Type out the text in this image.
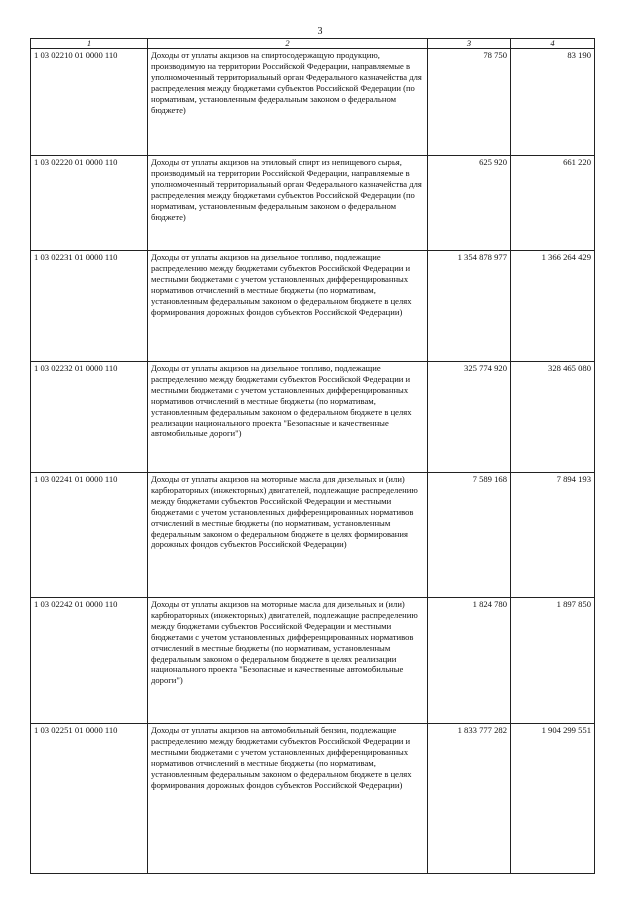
3
1	2	3	4
1 03 02210 01 0000 110	Доходы от уплаты акцизов на спиртосодержащую продукцию, производимую на территории Российской Федерации, направляемые в уполномоченный территориальный орган Федерального казначейства для распределения между бюджетами субъектов Российской Федерации (по нормативам, установленным федеральным законом о федеральном бюджете)	78 750	83 190
1 03 02220 01 0000 110	Доходы от уплаты акцизов на этиловый спирт из непищевого сырья, производимый на территории Российской Федерации, направляемые в уполномоченный территориальный орган Федерального казначейства для распределения между бюджетами субъектов Российской Федерации (по нормативам, установленным федеральным законом о федеральном бюджете)	625 920	661 220
1 03 02231 01 0000 110	Доходы от уплаты акцизов на дизельное топливо, подлежащие распределению между бюджетами субъектов Российской Федерации и местными бюджетами с учетом установленных дифференцированных нормативов отчислений в местные бюджеты (по нормативам, установленным федеральным законом о федеральном бюджете в целях формирования дорожных фондов субъектов Российской Федерации)	1 354 878 977	1 366 264 429
1 03 02232 01 0000 110	Доходы от уплаты акцизов на дизельное топливо, подлежащие распределению между бюджетами субъектов Российской Федерации и местными бюджетами с учетом установленных дифференцированных нормативов отчислений в местные бюджеты (по нормативам, установленным федеральным законом о федеральном бюджете в целях реализации национального проекта "Безопасные и качественные автомобильные дороги")	325 774 920	328 465 080
1 03 02241 01 0000 110	Доходы от уплаты акцизов на моторные масла для дизельных и (или) карбюраторных (инжекторных) двигателей, подлежащие распределению между бюджетами субъектов Российской Федерации и местными бюджетами с учетом установленных дифференцированных нормативов отчислений в местные бюджеты (по нормативам, установленным федеральным законом о федеральном бюджете в целях формирования дорожных фондов субъектов Российской Федерации)	7 589 168	7 894 193
1 03 02242 01 0000 110	Доходы от уплаты акцизов на моторные масла для дизельных и (или) карбюраторных (инжекторных) двигателей, подлежащие распределению между бюджетами субъектов Российской Федерации и местными бюджетами с учетом установленных дифференцированных нормативов отчислений в местные бюджеты (по нормативам, установленным федеральным законом о федеральном бюджете в целях реализации национального проекта "Безопасные и качественные автомобильные дороги")	1 824 780	1 897 850
1 03 02251 01 0000 110	Доходы от уплаты акцизов на автомобильный бензин, подлежащие распределению между бюджетами субъектов Российской Федерации и местными бюджетами с учетом установленных дифференцированных нормативов отчислений в местные бюджеты (по нормативам, установленным федеральным законом о федеральном бюджете в целях формирования дорожных фондов субъектов Российской Федерации)	1 833 777 282	1 904 299 551
